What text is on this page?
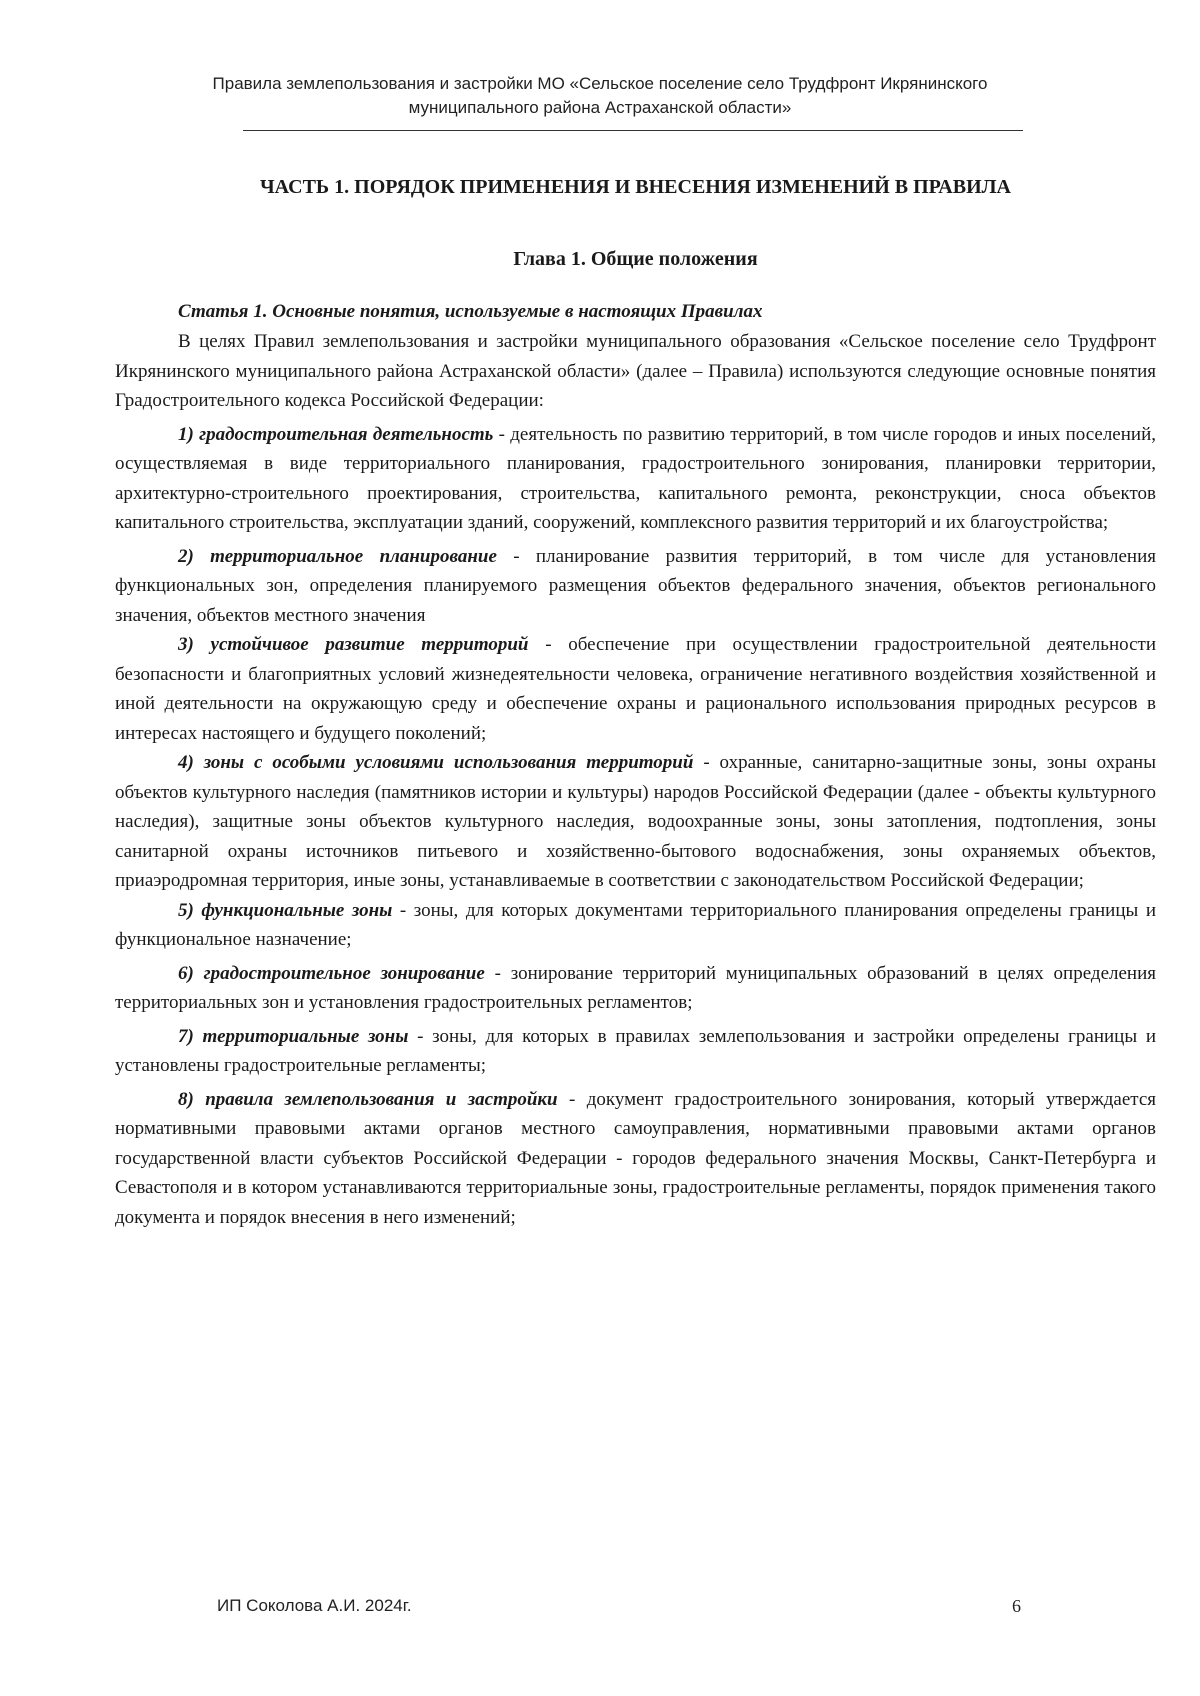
Правила землепользования и застройки МО «Сельское поселение село Трудфронт Икрянинского
муниципального района Астраханской области»
ЧАСТЬ 1. ПОРЯДОК ПРИМЕНЕНИЯ И ВНЕСЕНИЯ ИЗМЕНЕНИЙ В ПРАВИЛА
Глава 1. Общие положения
Статья 1. Основные понятия, используемые в настоящих Правилах

В целях Правил землепользования и застройки муниципального образования «Сельское поселение село Трудфронт Икрянинского муниципального района Астраханской области» (далее – Правила) используются следующие основные понятия Градостроительного кодекса Российской Федерации:

1) градостроительная деятельность - деятельность по развитию территорий, в том числе городов и иных поселений, осуществляемая в виде территориального планирования, градостроительного зонирования, планировки территории, архитектурно-строительного проектирования, строительства, капитального ремонта, реконструкции, сноса объектов капитального строительства, эксплуатации зданий, сооружений, комплексного развития территорий и их благоустройства;

2) территориальное планирование - планирование развития территорий, в том числе для установления функциональных зон, определения планируемого размещения объектов федерального значения, объектов регионального значения, объектов местного значения

3) устойчивое развитие территорий - обеспечение при осуществлении градостроительной деятельности безопасности и благоприятных условий жизнедеятельности человека, ограничение негативного воздействия хозяйственной и иной деятельности на окружающую среду и обеспечение охраны и рационального использования природных ресурсов в интересах настоящего и будущего поколений;

4) зоны с особыми условиями использования территорий - охранные, санитарно-защитные зоны, зоны охраны объектов культурного наследия (памятников истории и культуры) народов Российской Федерации (далее - объекты культурного наследия), защитные зоны объектов культурного наследия, водоохранные зоны, зоны затопления, подтопления, зоны санитарной охраны источников питьевого и хозяйственно-бытового водоснабжения, зоны охраняемых объектов, приаэродромная территория, иные зоны, устанавливаемые в соответствии с законодательством Российской Федерации;

5) функциональные зоны - зоны, для которых документами территориального планирования определены границы и функциональное назначение;

6) градостроительное зонирование - зонирование территорий муниципальных образований в целях определения территориальных зон и установления градостроительных регламентов;

7) территориальные зоны - зоны, для которых в правилах землепользования и застройки определены границы и установлены градостроительные регламенты;

8) правила землепользования и застройки - документ градостроительного зонирования, который утверждается нормативными правовыми актами органов местного самоуправления, нормативными правовыми актами органов государственной власти субъектов Российской Федерации - городов федерального значения Москвы, Санкт-Петербурга и Севастополя и в котором устанавливаются территориальные зоны, градостроительные регламенты, порядок применения такого документа и порядок внесения в него изменений;

ИП Соколова А.И. 2024г.	6
